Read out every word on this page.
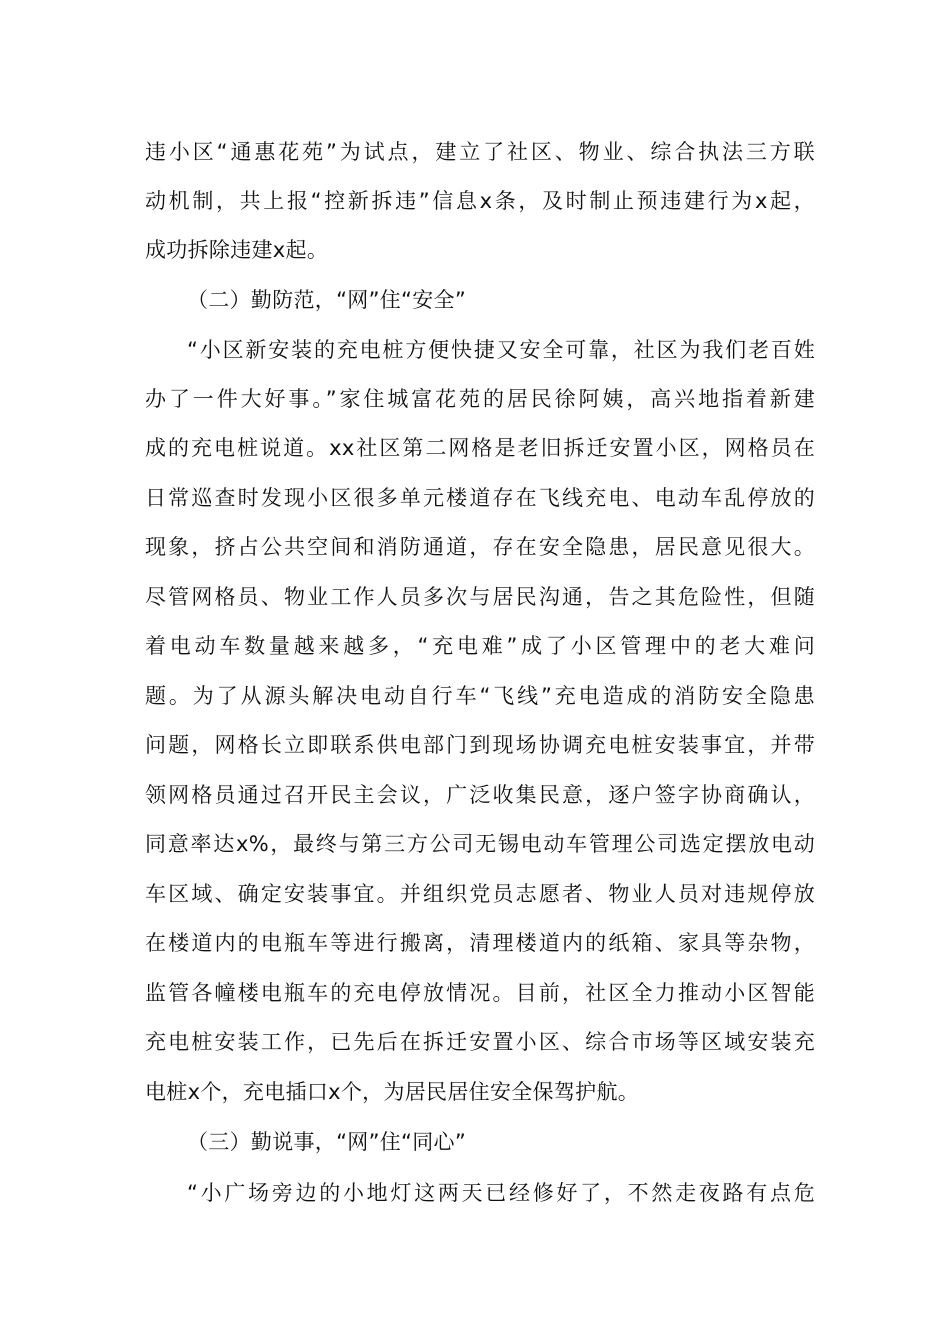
违小区“通惠花苑”为试点，建立了社区、物业、综合执法三方联
动机制，共上报“控新拆违”信息x条，及时制止预违建行为x起，
成功拆除违建x起。
（二）勤防范，“网”住“安全”
“小区新安装的充电桩方便快捷又安全可靠，社区为我们老百姓
办了一件大好事。”家住城富花苑的居民徐阿姨，高兴地指着新建
成的充电桩说道。xx社区第二网格是老旧拆迁安置小区，网格员在
日常巡查时发现小区很多单元楼道存在飞线充电、电动车乱停放的
现象，挤占公共空间和消防通道，存在安全隐患，居民意见很大。
尽管网格员、物业工作人员多次与居民沟通，告之其危险性，但随
着电动车数量越来越多，“充电难”成了小区管理中的老大难问
题。为了从源头解决电动自行车“飞线”充电造成的消防安全隐患
问题，网格长立即联系供电部门到现场协调充电桩安装事宜，并带
领网格员通过召开民主会议，广泛收集民意，逐户签字协商确认，
同意率达x%，最终与第三方公司无锡电动车管理公司选定摆放电动
车区域、确定安装事宜。并组织党员志愿者、物业人员对违规停放
在楼道内的电瓶车等进行搬离，清理楼道内的纸箱、家具等杂物，
监管各幢楼电瓶车的充电停放情况。目前，社区全力推动小区智能
充电桩安装工作，已先后在拆迁安置小区、综合市场等区域安装充
电桩x个，充电插口x个，为居民居住安全保驾护航。
（三）勤说事，“网”住“同心”
“小广场旁边的小地灯这两天已经修好了，不然走夜路有点危
